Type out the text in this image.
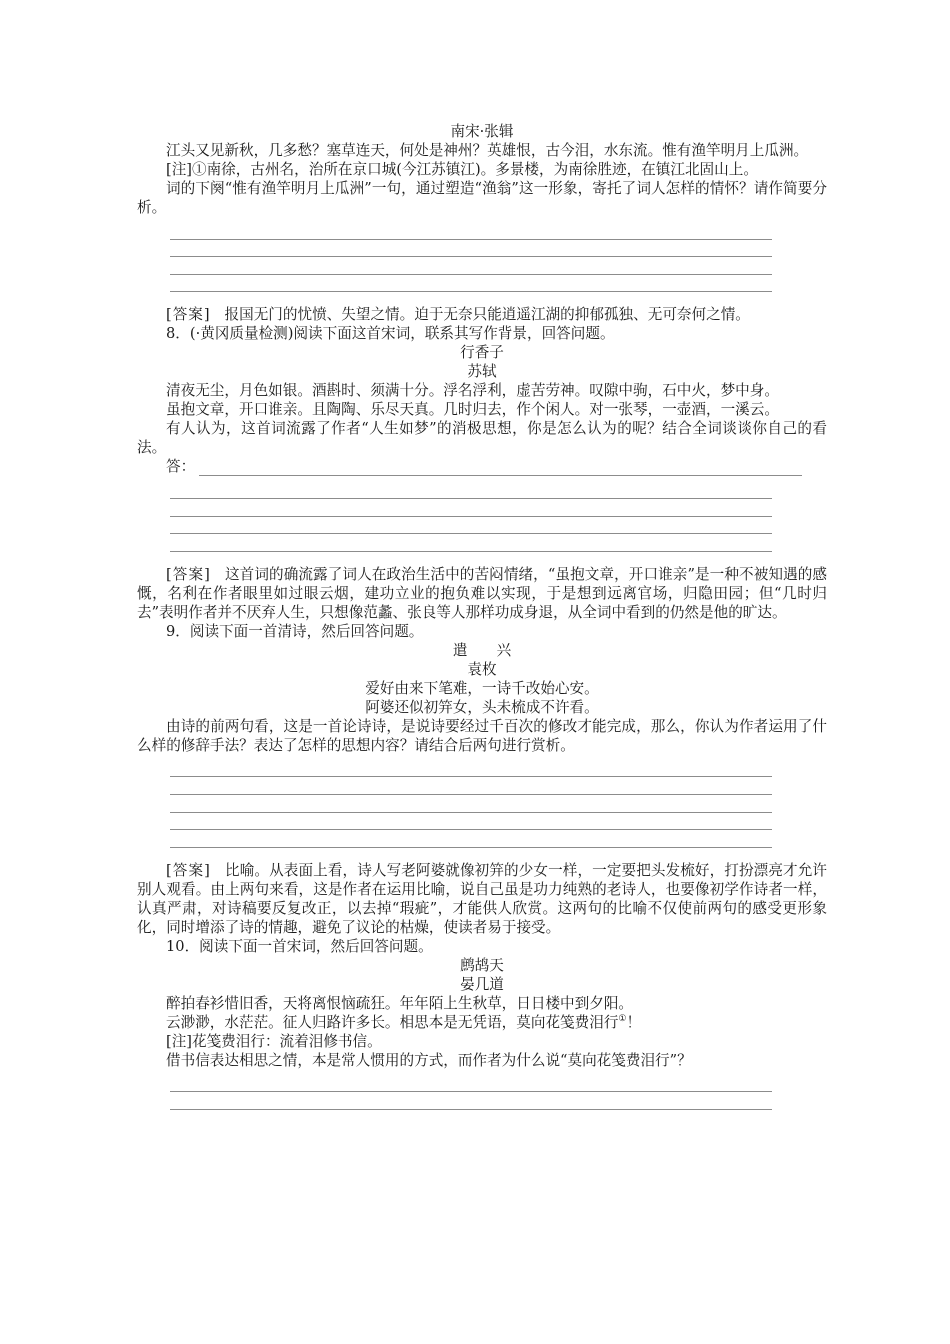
南宋·张辑

江头又见新秋，几多愁？塞草连天，何处是神州？英雄恨，古今泪，水东流。惟有渔竿明月上瓜洲。

[注]①南徐，古州名，治所在京口城(今江苏镇江)。多景楼，为南徐胜迹，在镇江北固山上。

词的下阕“惟有渔竿明月上瓜洲”一句，通过塑造“渔翁”这一形象，寄托了词人怎样的情怀？请作简要分析。

[答案] 报国无门的忧愤、失望之情。迫于无奈只能逍遥江湖的抑郁孤独、无可奈何之情。

8．(·黄冈质量检测)阅读下面这首宋词，联系其写作背景，回答问题。

行香子

苏轼

清夜无尘，月色如银。酒斟时、须满十分。浮名浮利，虚苦劳神。叹隙中驹，石中火，梦中身。

虽抱文章，开口谁亲。且陶陶、乐尽天真。几时归去，作个闲人。对一张琴，一壶酒，一溪云。

有人认为，这首词流露了作者“人生如梦”的消极思想，你是怎么认为的呢？结合全词谈谈你自己的看法。

答：

[答案] 这首词的确流露了词人在政治生活中的苦闷情绪，“虽抱文章，开口谁亲”是一种不被知遇的感慨，名利在作者眼里如过眼云烟，建功立业的抱负难以实现，于是想到远离官场，归隐田园；但“几时归去”表明作者并不厌弃人生，只想像范蠡、张良等人那样功成身退，从全词中看到的仍然是他的旷达。

9．阅读下面一首清诗，然后回答问题。

遣　　兴

袁枚

爱好由来下笔难，一诗千改始心安。

阿婆还似初笄女，头未梳成不许看。

由诗的前两句看，这是一首论诗诗，是说诗要经过千百次的修改才能完成，那么，你认为作者运用了什么样的修辞手法？表达了怎样的思想内容？请结合后两句进行赏析。

[答案] 比喻。从表面上看，诗人写老阿婆就像初笄的少女一样，一定要把头发梳好，打扮漂亮才允许别人观看。由上两句来看，这是作者在运用比喻，说自己虽是功力纯熟的老诗人，也要像初学作诗者一样，认真严肃，对诗稿要反复改正，以去掉“瑕疵”，才能供人欣赏。这两句的比喻不仅使前两句的感受更形象化，同时增添了诗的情趣，避免了议论的枯燥，使读者易于接受。

10．阅读下面一首宋词，然后回答问题。

鹧鸪天

晏几道

醉拍春衫惜旧香，天将离恨恼疏狂。年年陌上生秋草，日日楼中到夕阳。

云渺渺，水茫茫。征人归路许多长。相思本是无凭语，莫向花笺费泪行①！

[注]花笺费泪行：流着泪修书信。

借书信表达相思之情，本是常人惯用的方式，而作者为什么说“莫向花笺费泪行”？
